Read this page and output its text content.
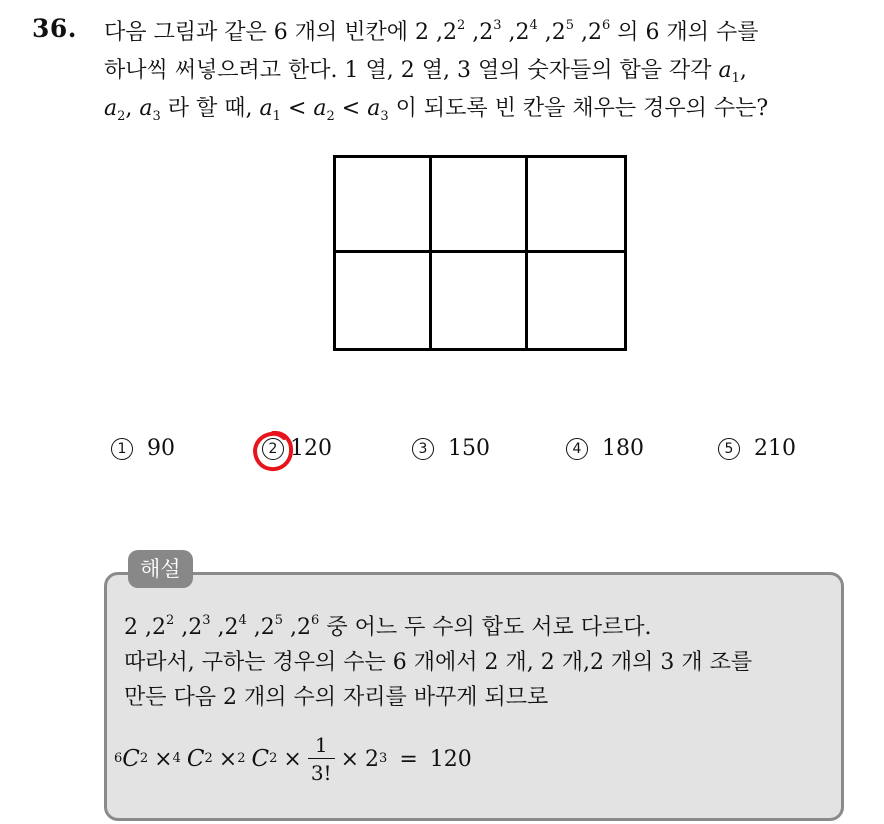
36. 다음 그림과 같은 6 개의 빈칸에 2 $,2^2$ $,2^3$ $,2^4$ $,2^5$ $,2^6$ 의 6 개의 수를
하나씩 써넣으려고 한다. 1 열, 2 열, 3 열의 숫자들의 합을 각각 $a_1$,
$a_2$, $a_3$ 라 할 때, $a_1 < a_2 < a_3$ 이 되도록 빈 칸을 채우는 경우의 수는?
1 90	2 120	3 150	4 180	5 210
해설
2 $,2^2$ $,2^3$ $,2^4$ $,2^5$ $,2^6$ 중 어느 두 수의 합도 서로 다르다.
따라서, 구하는 경우의 수는 6 개에서 2 개, 2 개,2 개의 3 개 조를
만든 다음 2 개의 수의 자리를 바꾸게 되므로
6 C 2 × 4 C 2 × 2 C $2 \times \frac{1}{3!} \times 2$ 3 = 120
